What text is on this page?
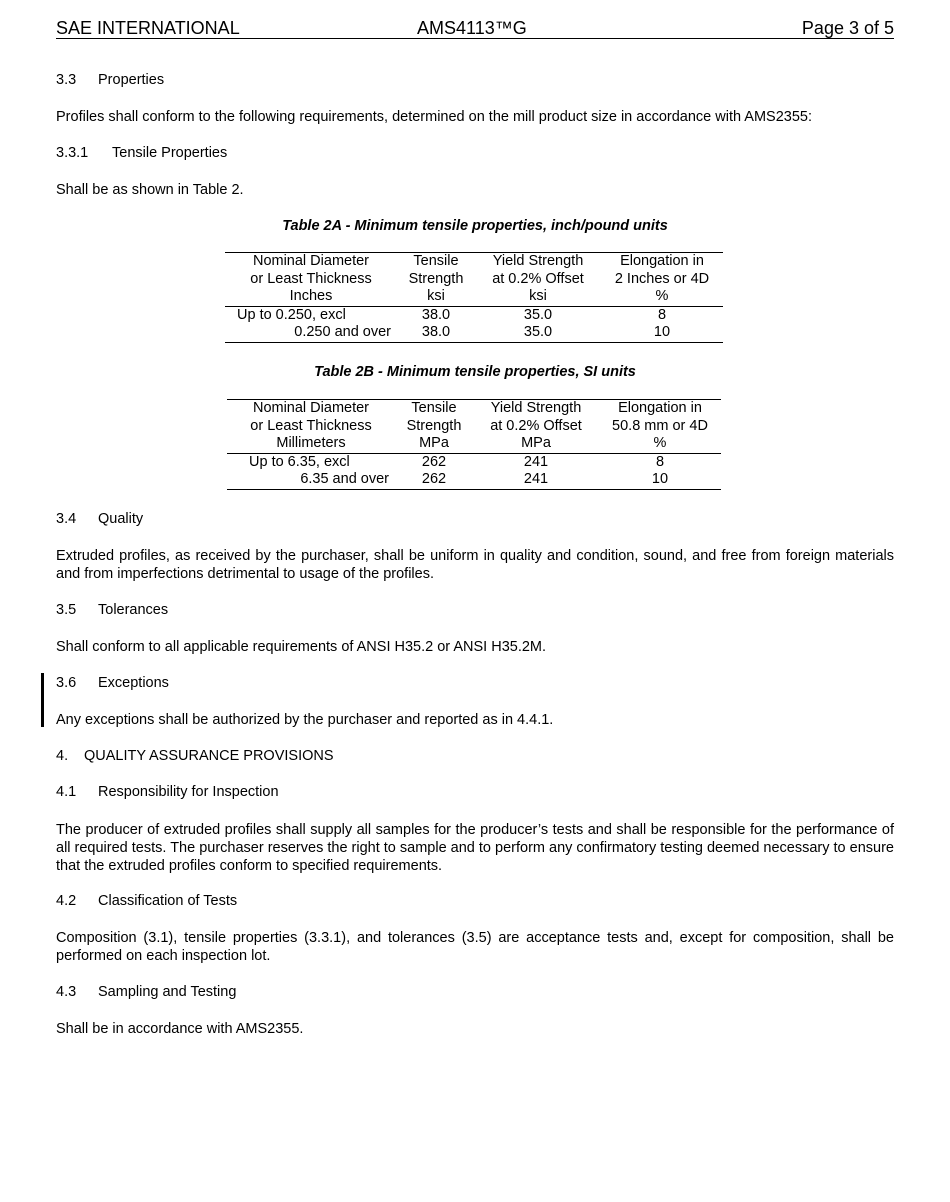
SAE INTERNATIONAL	AMS4113™G	Page 3 of 5
3.3 Properties
Profiles shall conform to the following requirements, determined on the mill product size in accordance with AMS2355:
3.3.1 Tensile Properties
Shall be as shown in Table 2.
Table 2A - Minimum tensile properties, inch/pound units
Nominal Diameter	Tensile	Yield Strength	Elongation in
or Least Thickness	Strength	at 0.2% Offset	2 Inches or 4D
Inches	ksi	ksi	%
Up to 0.250, excl	38.0	35.0	8
0.250 and over	38.0	35.0	10
Table 2B - Minimum tensile properties, SI units
Nominal Diameter	Tensile	Yield Strength	Elongation in
or Least Thickness	Strength	at 0.2% Offset	50.8 mm or 4D
Millimeters	MPa	MPa	%
Up to 6.35, excl	262	241	8
6.35 and over	262	241	10
3.4 Quality
Extruded profiles, as received by the purchaser, shall be uniform in quality and condition, sound, and free from foreign materials and from imperfections detrimental to usage of the profiles.
3.5 Tolerances
Shall conform to all applicable requirements of ANSI H35.2 or ANSI H35.2M.
3.6 Exceptions
Any exceptions shall be authorized by the purchaser and reported as in 4.4.1.
4. QUALITY ASSURANCE PROVISIONS
4.1 Responsibility for Inspection
The producer of extruded profiles shall supply all samples for the producer’s tests and shall be responsible for the performance of all required tests. The purchaser reserves the right to sample and to perform any confirmatory testing deemed necessary to ensure that the extruded profiles conform to specified requirements.
4.2 Classification of Tests
Composition (3.1), tensile properties (3.3.1), and tolerances (3.5) are acceptance tests and, except for composition, shall be performed on each inspection lot.
4.3 Sampling and Testing
Shall be in accordance with AMS2355.
